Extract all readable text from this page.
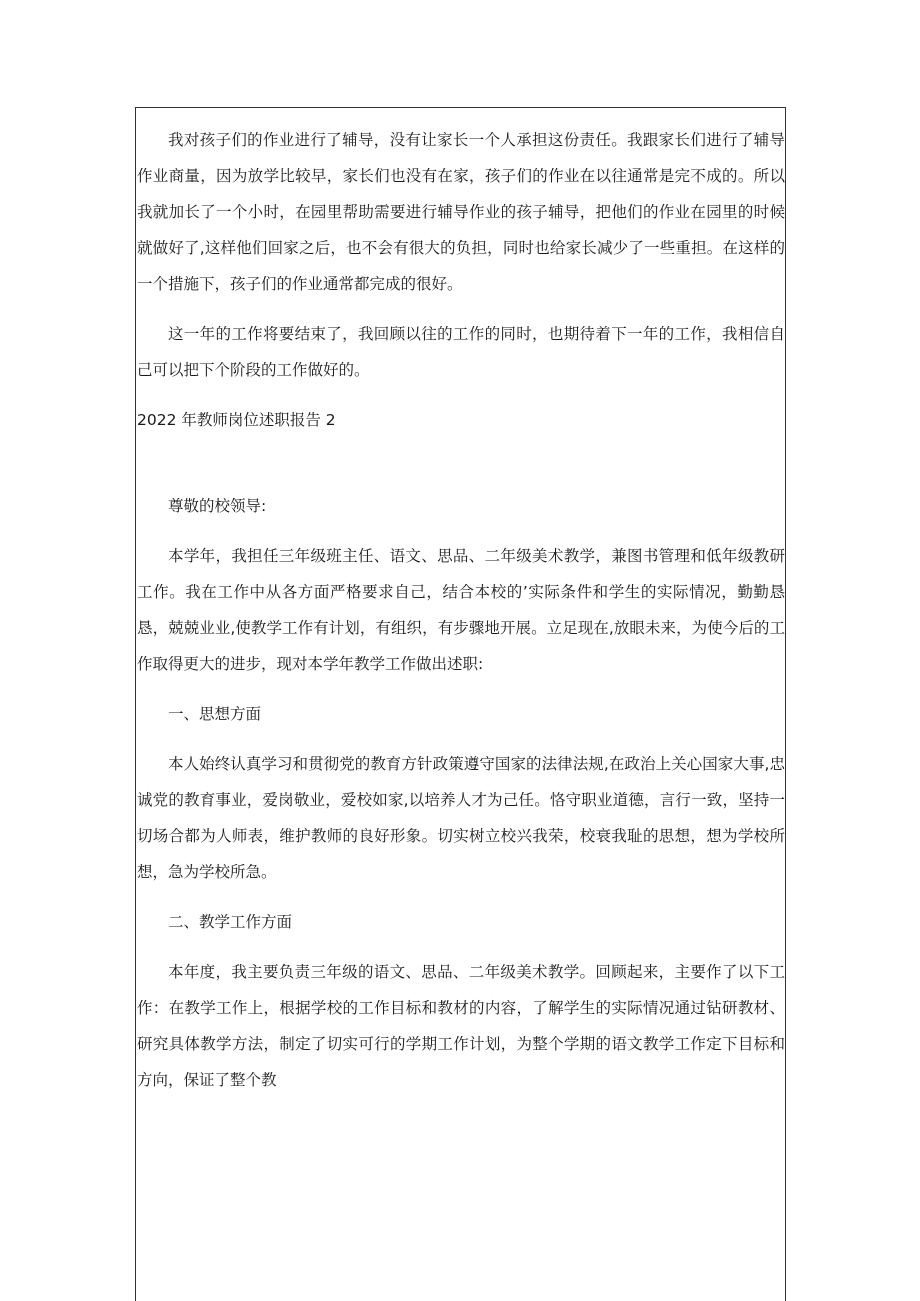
我对孩子们的作业进行了辅导，没有让家长一个人承担这份责任。我跟家长们进行了辅导作业商量，因为放学比较早，家长们也没有在家，孩子们的作业在以往通常是完不成的。所以我就加长了一个小时，在园里帮助需要进行辅导作业的孩子辅导，把他们的作业在园里的时候就做好了,这样他们回家之后，也不会有很大的负担，同时也给家长减少了一些重担。在这样的一个措施下，孩子们的作业通常都完成的很好。

这一年的工作将要结束了，我回顾以往的工作的同时，也期待着下一年的工作，我相信自己可以把下个阶段的工作做好的。

2022 年教师岗位述职报告 2

尊敬的校领导:

本学年，我担任三年级班主任、语文、思品、二年级美术教学，兼图书管理和低年级教研工作。我在工作中从各方面严格要求自己，结合本校的’实际条件和学生的实际情况，勤勤恳恳，兢兢业业,使教学工作有计划，有组织，有步骤地开展。立足现在,放眼未来，为使今后的工作取得更大的进步，现对本学年教学工作做出述职:

一、思想方面

本人始终认真学习和贯彻党的教育方针政策遵守国家的法律法规,在政治上关心国家大事,忠诚党的教育事业，爱岗敬业，爱校如家,以培养人才为己任。恪守职业道德，言行一致，坚持一切场合都为人师表，维护教师的良好形象。切实树立校兴我荣，校衰我耻的思想，想为学校所想，急为学校所急。

二、教学工作方面

本年度，我主要负责三年级的语文、思品、二年级美术教学。回顾起来，主要作了以下工作：在教学工作上，根据学校的工作目标和教材的内容，了解学生的实际情况通过钻研教材、研究具体教学方法，制定了切实可行的学期工作计划，为整个学期的语文教学工作定下目标和方向，保证了整个教
